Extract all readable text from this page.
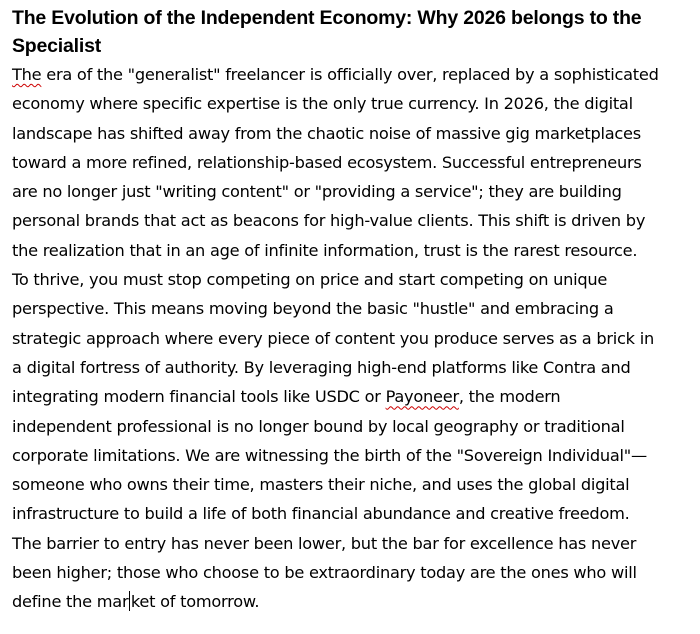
The Evolution of the Independent Economy: Why 2026 belongs to the
Specialist
The era of the "generalist" freelancer is officially over, replaced by a sophisticated
economy where specific expertise is the only true currency. In 2026, the digital
landscape has shifted away from the chaotic noise of massive gig marketplaces
toward a more refined, relationship-based ecosystem. Successful entrepreneurs
are no longer just "writing content" or "providing a service"; they are building
personal brands that act as beacons for high-value clients. This shift is driven by
the realization that in an age of infinite information, trust is the rarest resource.
To thrive, you must stop competing on price and start competing on unique
perspective. This means moving beyond the basic "hustle" and embracing a
strategic approach where every piece of content you produce serves as a brick in
a digital fortress of authority. By leveraging high-end platforms like Contra and
integrating modern financial tools like USDC or Payoneer, the modern
independent professional is no longer bound by local geography or traditional
corporate limitations. We are witnessing the birth of the "Sovereign Individual"—
someone who owns their time, masters their niche, and uses the global digital
infrastructure to build a life of both financial abundance and creative freedom.
The barrier to entry has never been lower, but the bar for excellence has never
been higher; those who choose to be extraordinary today are the ones who will
define the mar ket of tomorrow.
